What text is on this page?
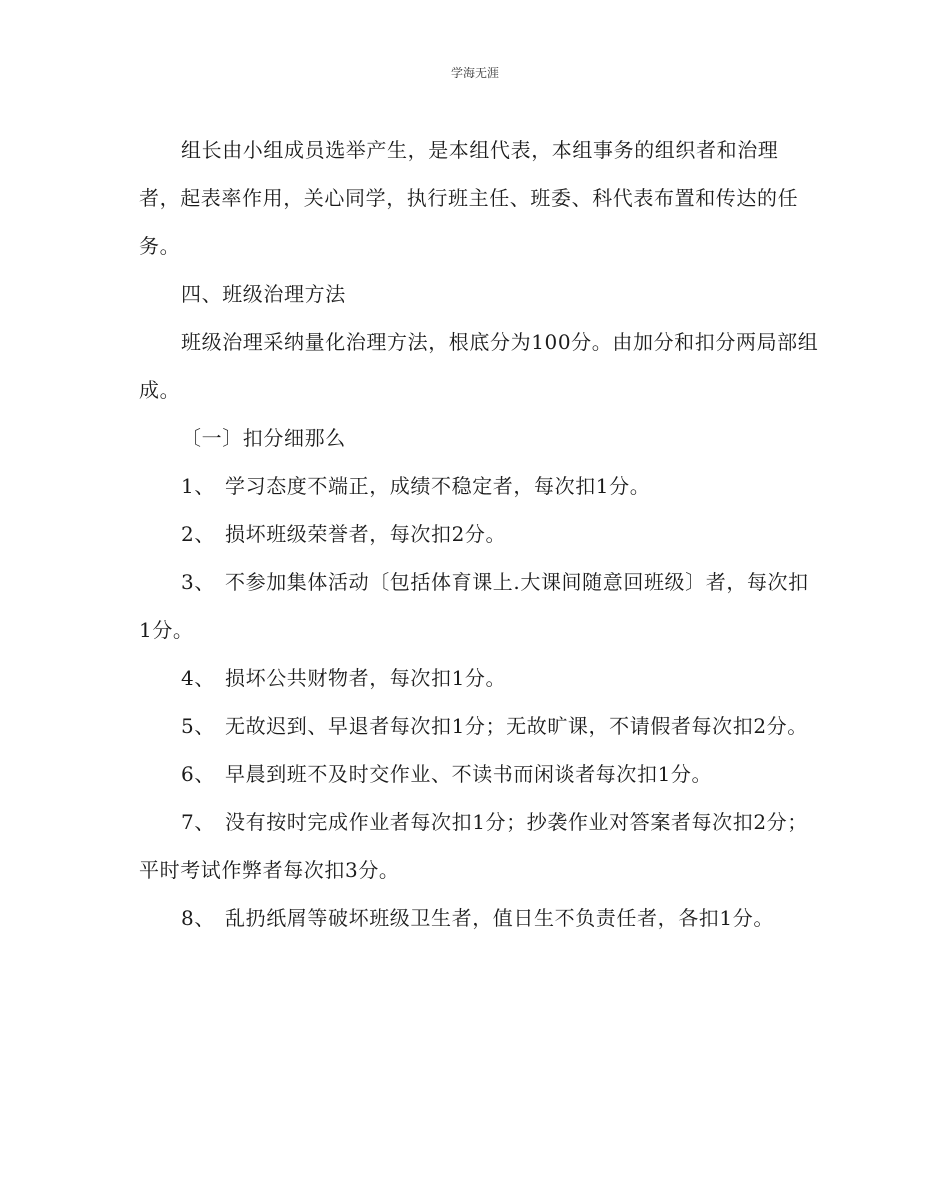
学海无涯

组长由小组成员选举产生，是本组代表，本组事务的组织者和治理者，起表率作用，关心同学，执行班主任、班委、科代表布置和传达的任务。

四、班级治理方法

班级治理采纳量化治理方法，根底分为100分。由加分和扣分两局部组成。

〔一〕扣分细那么

1、 学习态度不端正，成绩不稳定者，每次扣1分。

2、 损坏班级荣誉者，每次扣2分。

3、 不参加集体活动〔包括体育课上.大课间随意回班级〕者，每次扣1分。

4、 损坏公共财物者，每次扣1分。

5、 无故迟到、早退者每次扣1分；无故旷课，不请假者每次扣2分。

6、 早晨到班不及时交作业、不读书而闲谈者每次扣1分。

7、 没有按时完成作业者每次扣1分；抄袭作业对答案者每次扣2分；平时考试作弊者每次扣3分。

8、 乱扔纸屑等破坏班级卫生者，值日生不负责任者，各扣1分。
